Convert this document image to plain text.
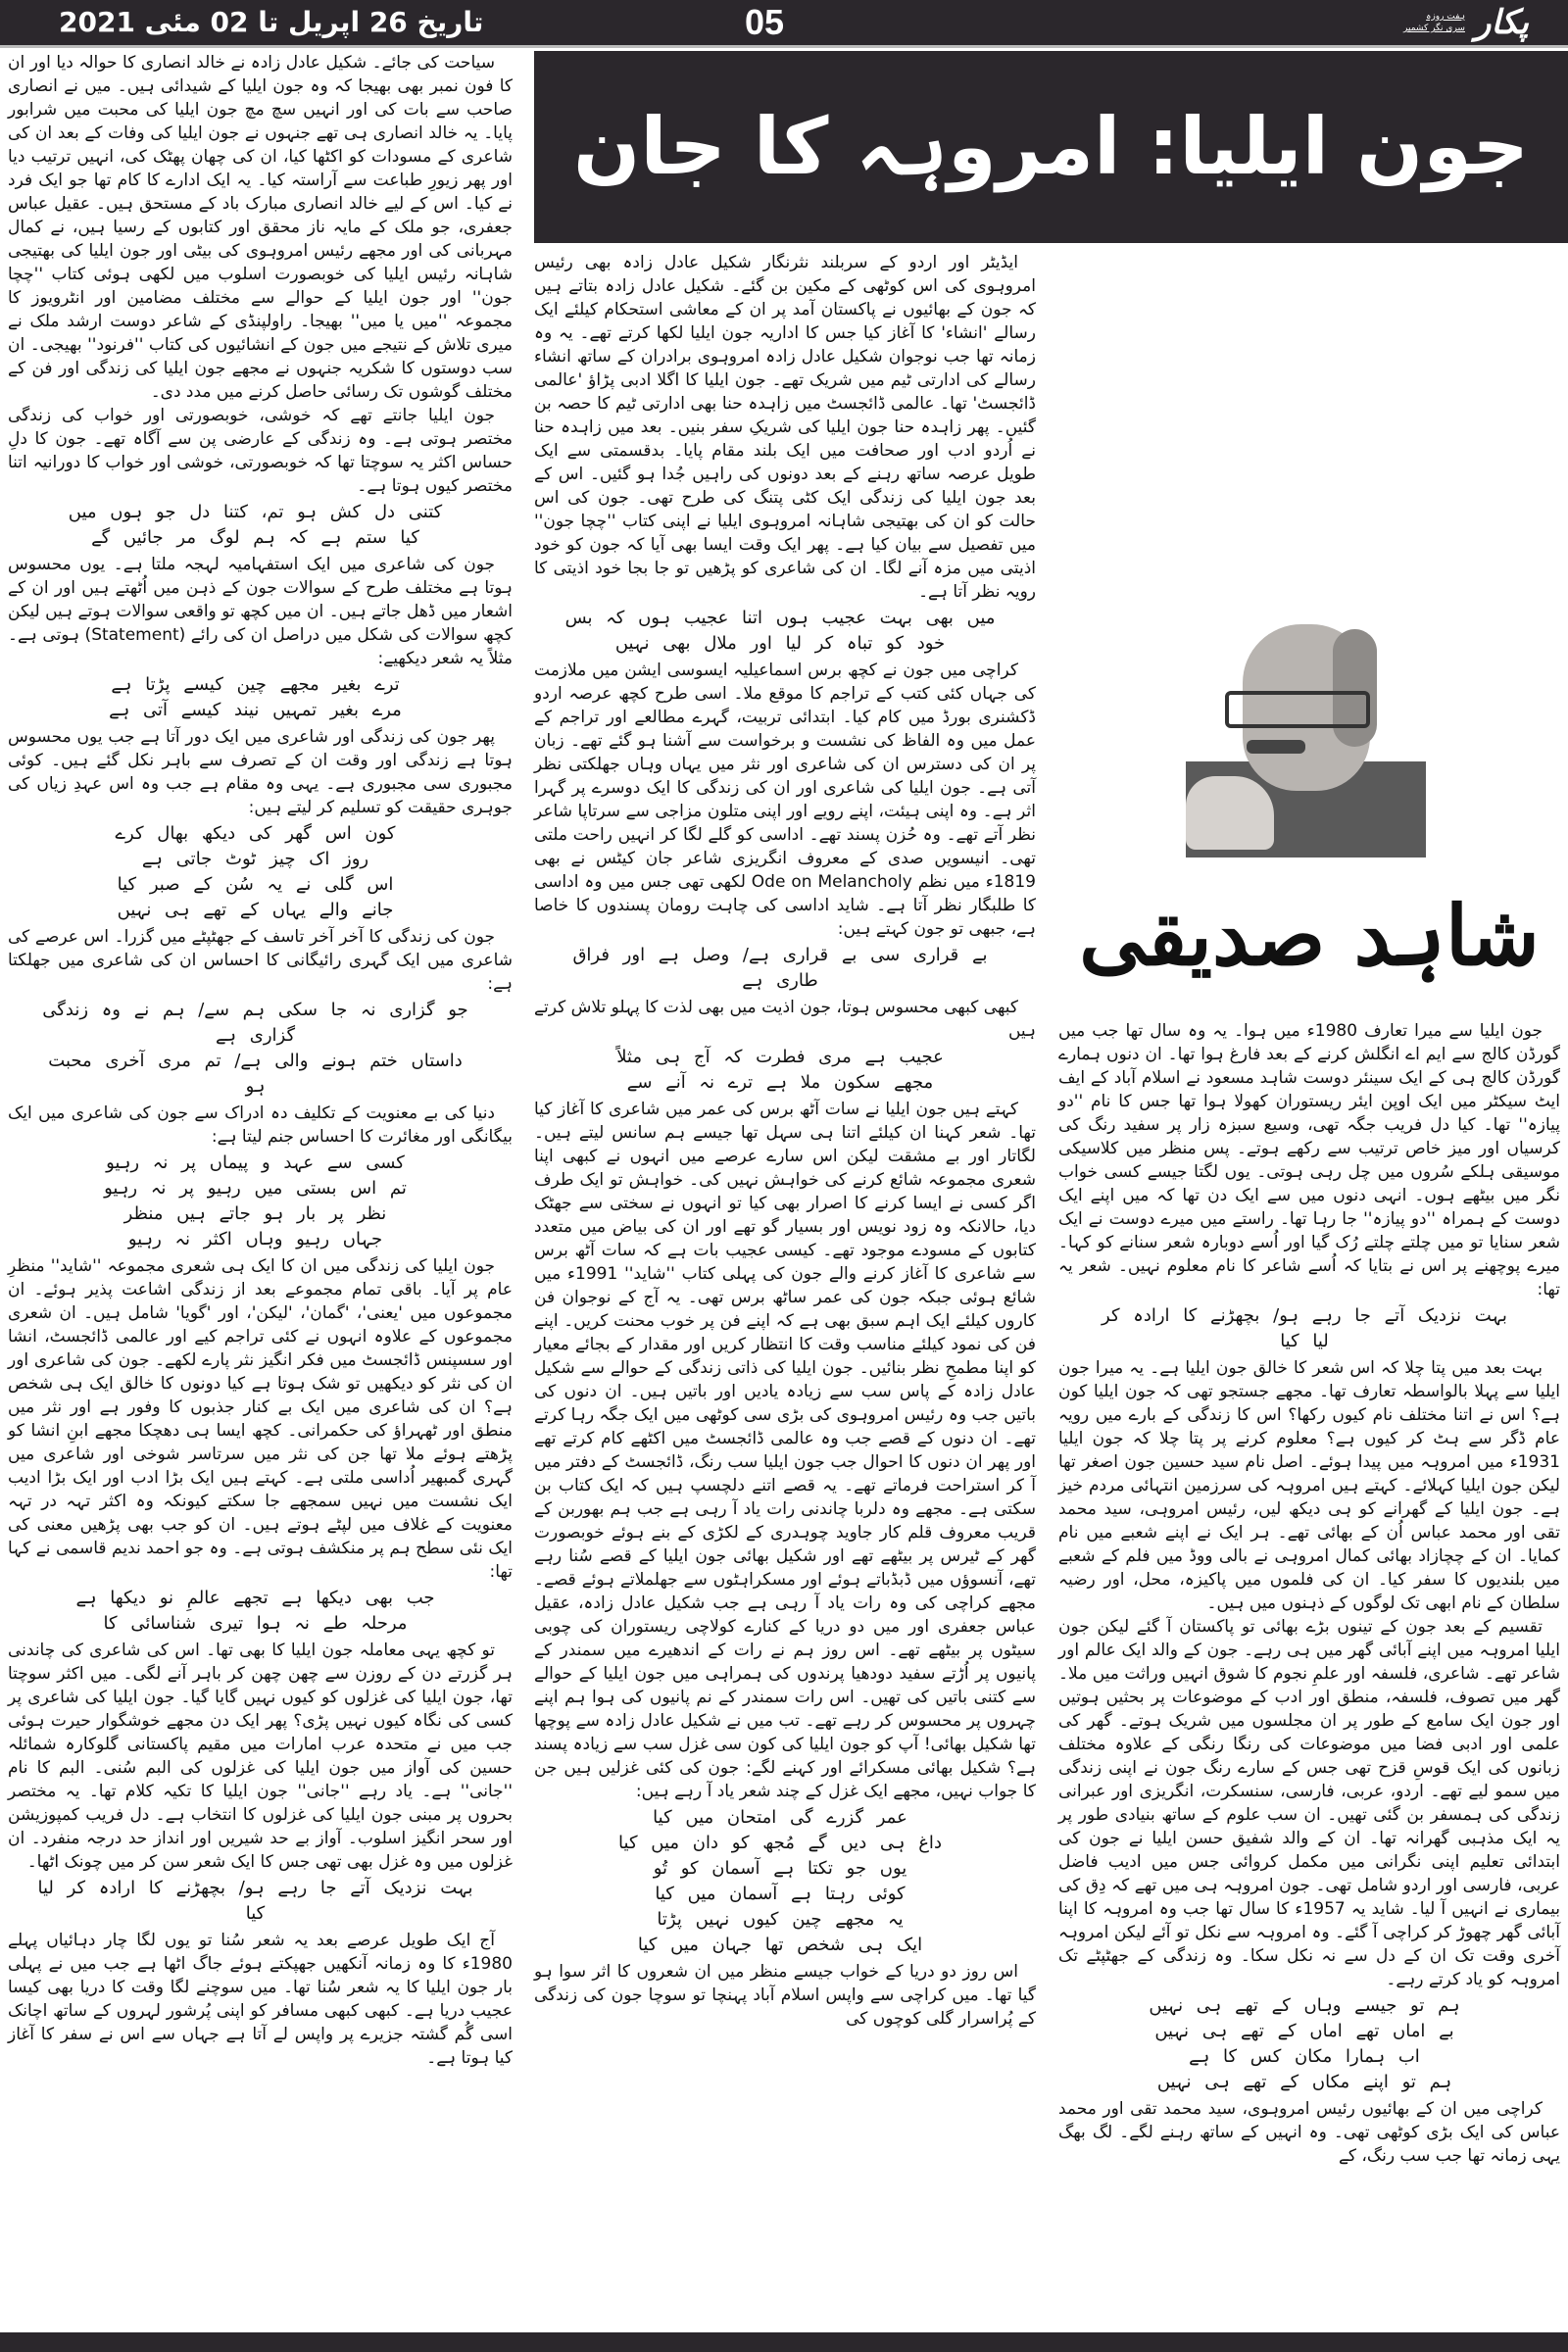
پکار
ہفت روزہ
سری نگر کشمیر
05
تاریخ 26 اپریل تا 02 مئی 2021
جون ایلیا: امروہہ کا جان

سیاحت کی جائے۔ شکیل عادل زادہ نے خالد انصاری کا حوالہ دیا اور ان کا فون نمبر بھی بھیجا کہ وہ جون ایلیا کے شیدائی ہیں۔ میں نے انصاری صاحب سے بات کی اور انہیں سچ مچ جون ایلیا کی محبت میں شرابور پایا۔ یہ خالد انصاری ہی تھے جنہوں نے جون ایلیا کی وفات کے بعد ان کی شاعری کے مسودات کو اکٹھا کیا، ان کی چھان پھٹک کی، انہیں ترتیب دیا اور پھر زیورِ طباعت سے آراستہ کیا۔ یہ ایک ادارے کا کام تھا جو ایک فرد نے کیا۔ اس کے لیے خالد انصاری مبارک باد کے مستحق ہیں۔ عقیل عباس جعفری، جو ملک کے مایہ ناز محقق اور کتابوں کے رسیا ہیں، نے کمال مہربانی کی اور مجھے رئیس امروہوی کی بیٹی اور جون ایلیا کی بھتیجی شاہانہ رئیس ایلیا کی خوبصورت اسلوب میں لکھی ہوئی کتاب ''چچا جون'' اور جون ایلیا کے حوالے سے مختلف مضامین اور انٹرویوز کا مجموعہ ''میں یا میں'' بھیجا۔ راولپنڈی کے شاعر دوست ارشد ملک نے میری تلاش کے نتیجے میں جون کے انشائیوں کی کتاب ''فرنود'' بھیجی۔ ان سب دوستوں کا شکریہ جنہوں نے مجھے جون ایلیا کی زندگی اور فن کے مختلف گوشوں تک رسائی حاصل کرنے میں مدد دی۔

جون ایلیا جانتے تھے کہ خوشی، خوبصورتی اور خواب کی زندگی مختصر ہوتی ہے۔ وہ زندگی کے عارضی پن سے آگاہ تھے۔ جون کا دلِ حساس اکثر یہ سوچتا تھا کہ خوبصورتی، خوشی اور خواب کا دورانیہ اتنا مختصر کیوں ہوتا ہے۔

کتنی دل کش ہو تم، کتنا دل جو ہوں میں
کیا ستم ہے کہ ہم لوگ مر جائیں گے

جون کی شاعری میں ایک استفہامیہ لہجہ ملتا ہے۔ یوں محسوس ہوتا ہے مختلف طرح کے سوالات جون کے ذہن میں اُٹھتے ہیں اور ان کے اشعار میں ڈھل جاتے ہیں۔ ان میں کچھ تو واقعی سوالات ہوتے ہیں لیکن کچھ سوالات کی شکل میں دراصل ان کی رائے (Statement) ہوتی ہے۔ مثلاً یہ شعر دیکھیے:

ترے بغیر مجھے چین کیسے پڑتا ہے
مرے بغیر تمہیں نیند کیسے آتی ہے

پھر جون کی زندگی اور شاعری میں ایک دور آتا ہے جب یوں محسوس ہوتا ہے زندگی اور وقت ان کے تصرف سے باہر نکل گئے ہیں۔ کوئی مجبوری سی مجبوری ہے۔ یہی وہ مقام ہے جب وہ اس عہدِ زیاں کی جوہری حقیقت کو تسلیم کر لیتے ہیں:

کون اس گھر کی دیکھ بھال کرے
روز اک چیز ٹوٹ جاتی ہے
اس گلی نے یہ سُن کے صبر کیا
جانے والے یہاں کے تھے ہی نہیں

جون کی زندگی کا آخر آخر تاسف کے جھٹپٹے میں گزرا۔ اس عرصے کی شاعری میں ایک گہری رائیگانی کا احساس ان کی شاعری میں جھلکتا ہے:

جو گزاری نہ جا سکی ہم سے/ ہم نے وہ زندگی گزاری ہے
داستاں ختم ہونے والی ہے/ تم مری آخری محبت ہو

دنیا کی بے معنویت کے تکلیف دہ ادراک سے جون کی شاعری میں ایک بیگانگی اور مغائرت کا احساس جنم لیتا ہے:

کسی سے عہد و پیماں پر نہ رہیو
تم اس بستی میں رہیو پر نہ رہیو
نظر پر بار ہو جاتے ہیں منظر
جہاں رہیو وہاں اکثر نہ رہیو

جون ایلیا کی زندگی میں ان کا ایک ہی شعری مجموعہ ''شاید'' منظرِ عام پر آیا۔ باقی تمام مجموعے بعد از زندگی اشاعت پذیر ہوئے۔ ان مجموعوں میں 'یعنی'، 'گمان'، 'لیکن'، اور 'گویا' شامل ہیں۔ ان شعری مجموعوں کے علاوہ انہوں نے کئی تراجم کیے اور عالمی ڈائجسٹ، انشا اور سسپنس ڈائجسٹ میں فکر انگیز نثر پارے لکھے۔ جون کی شاعری اور ان کی نثر کو دیکھیں تو شک ہوتا ہے کیا دونوں کا خالق ایک ہی شخص ہے؟ ان کی شاعری میں ایک بے کنار جذبوں کا وفور ہے اور نثر میں منطق اور ٹھہراؤ کی حکمرانی۔ کچھ ایسا ہی دھچکا مجھے ابنِ انشا کو پڑھتے ہوئے ملا تھا جن کی نثر میں سرتاسر شوخی اور شاعری میں گہری گمبھیر اُداسی ملتی ہے۔ کہتے ہیں ایک بڑا ادب اور ایک بڑا ادیب ایک نشست میں نہیں سمجھے جا سکتے کیونکہ وہ اکثر تہہ در تہہ معنویت کے غلاف میں لپٹے ہوتے ہیں۔ ان کو جب بھی پڑھیں معنی کی ایک نئی سطح ہم پر منکشف ہوتی ہے۔ وہ جو احمد ندیم قاسمی نے کہا تھا:

جب بھی دیکھا ہے تجھے عالمِ نو دیکھا ہے
مرحلہ طے نہ ہوا تیری شناسائی کا

تو کچھ یہی معاملہ جون ایلیا کا بھی تھا۔ اس کی شاعری کی چاندنی ہر گزرتے دن کے روزن سے چھن چھن کر باہر آنے لگی۔ میں اکثر سوچتا تھا، جون ایلیا کی غزلوں کو کیوں نہیں گایا گیا۔ جون ایلیا کی شاعری پر کسی کی نگاہ کیوں نہیں پڑی؟ پھر ایک دن مجھے خوشگوار حیرت ہوئی جب میں نے متحدہ عرب امارات میں مقیم پاکستانی گلوکارہ شمائلہ حسین کی آواز میں جون ایلیا کی غزلوں کی البم سُنی۔ البم کا نام ''جانی'' ہے۔ یاد رہے ''جانی'' جون ایلیا کا تکیہ کلام تھا۔ یہ مختصر بحروں پر مبنی جون ایلیا کی غزلوں کا انتخاب ہے۔ دل فریب کمپوزیشن اور سحر انگیز اسلوب۔ آواز بے حد شیریں اور انداز حد درجہ منفرد۔ ان غزلوں میں وہ غزل بھی تھی جس کا ایک شعر سن کر میں چونک اٹھا۔

بہت نزدیک آتے جا رہے ہو/ بچھڑنے کا ارادہ کر لیا کیا

آج ایک طویل عرصے بعد یہ شعر سُنا تو یوں لگا چار دہائیاں پہلے 1980ء کا وہ زمانہ آنکھیں جھپکتے ہوئے جاگ اٹھا ہے جب میں نے پہلی بار جون ایلیا کا یہ شعر سُنا تھا۔ میں سوچنے لگا وقت کا دریا بھی کیسا عجیب دریا ہے۔ کبھی کبھی مسافر کو اپنی پُرشور لہروں کے ساتھ اچانک اسی گُم گشتہ جزیرے پر واپس لے آتا ہے جہاں سے اس نے سفر کا آغاز کیا ہوتا ہے۔

ایڈیٹر اور اردو کے سربلند نثرنگار شکیل عادل زادہ بھی رئیس امروہوی کی اس کوٹھی کے مکین بن گئے۔ شکیل عادل زادہ بتاتے ہیں کہ جون کے بھائیوں نے پاکستان آمد پر ان کے معاشی استحکام کیلئے ایک رسالے 'انشاء' کا آغاز کیا جس کا اداریہ جون ایلیا لکھا کرتے تھے۔ یہ وہ زمانہ تھا جب نوجوان شکیل عادل زادہ امروہوی برادران کے ساتھ انشاء رسالے کی ادارتی ٹیم میں شریک تھے۔ جون ایلیا کا اگلا ادبی پڑاؤ 'عالمی ڈائجسٹ' تھا۔ عالمی ڈائجسٹ میں زاہدہ حنا بھی ادارتی ٹیم کا حصہ بن گئیں۔ پھر زاہدہ حنا جون ایلیا کی شریکِ سفر بنیں۔ بعد میں زاہدہ حنا نے اُردو ادب اور صحافت میں ایک بلند مقام پایا۔ بدقسمتی سے ایک طویل عرصہ ساتھ رہنے کے بعد دونوں کی راہیں جُدا ہو گئیں۔ اس کے بعد جون ایلیا کی زندگی ایک کٹی پتنگ کی طرح تھی۔ جون کی اس حالت کو ان کی بھتیجی شاہانہ امروہوی ایلیا نے اپنی کتاب ''چچا جون'' میں تفصیل سے بیان کیا ہے۔ پھر ایک وقت ایسا بھی آیا کہ جون کو خود اذیتی میں مزہ آنے لگا۔ ان کی شاعری کو پڑھیں تو جا بجا خود اذیتی کا رویہ نظر آتا ہے۔

میں بھی بہت عجیب ہوں اتنا عجیب ہوں کہ بس
خود کو تباہ کر لیا اور ملال بھی نہیں

کراچی میں جون نے کچھ برس اسماعیلیہ ایسوسی ایشن میں ملازمت کی جہاں کئی کتب کے تراجم کا موقع ملا۔ اسی طرح کچھ عرصہ اردو ڈکشنری بورڈ میں کام کیا۔ ابتدائی تربیت، گہرے مطالعے اور تراجم کے عمل میں وہ الفاظ کی نشست و برخواست سے آشنا ہو گئے تھے۔ زبان پر ان کی دسترس ان کی شاعری اور نثر میں یہاں وہاں جھلکتی نظر آتی ہے۔ جون ایلیا کی شاعری اور ان کی زندگی کا ایک دوسرے پر گہرا اثر ہے۔ وہ اپنی ہیئت، اپنے رویے اور اپنی متلون مزاجی سے سرتاپا شاعر نظر آتے تھے۔ وہ حُزن پسند تھے۔ اداسی کو گلے لگا کر انہیں راحت ملتی تھی۔ انیسویں صدی کے معروف انگریزی شاعر جان کیٹس نے بھی 1819ء میں نظم Ode on Melancholy لکھی تھی جس میں وہ اداسی کا طلبگار نظر آتا ہے۔ شاید اداسی کی چاہت رومان پسندوں کا خاصا ہے، جبھی تو جون کہتے ہیں:

بے قراری سی بے قراری ہے/ وصل ہے اور فراق طاری ہے

کبھی کبھی محسوس ہوتا، جون اذیت میں بھی لذت کا پہلو تلاش کرتے ہیں

عجیب ہے مری فطرت کہ آج ہی مثلاً
مجھے سکون ملا ہے ترے نہ آنے سے

کہتے ہیں جون ایلیا نے سات آٹھ برس کی عمر میں شاعری کا آغاز کیا تھا۔ شعر کہنا ان کیلئے اتنا ہی سہل تھا جیسے ہم سانس لیتے ہیں۔ لگاتار اور بے مشقت لیکن اس سارے عرصے میں انہوں نے کبھی اپنا شعری مجموعہ شائع کرنے کی خواہش نہیں کی۔ خواہش تو ایک طرف اگر کسی نے ایسا کرنے کا اصرار بھی کیا تو انہوں نے سختی سے جھٹک دیا، حالانکہ وہ زود نویس اور بسیار گو تھے اور ان کی بیاض میں متعدد کتابوں کے مسودے موجود تھے۔ کیسی عجیب بات ہے کہ سات آٹھ برس سے شاعری کا آغاز کرنے والے جون کی پہلی کتاب ''شاید'' 1991ء میں شائع ہوئی جبکہ جون کی عمر ساٹھ برس تھی۔ یہ آج کے نوجوان فن کاروں کیلئے ایک اہم سبق بھی ہے کہ اپنے فن پر خوب محنت کریں۔ اپنے فن کی نمود کیلئے مناسب وقت کا انتظار کریں اور مقدار کے بجائے معیار کو اپنا مطمحِ نظر بنائیں۔ جون ایلیا کی ذاتی زندگی کے حوالے سے شکیل عادل زادہ کے پاس سب سے زیادہ یادیں اور باتیں ہیں۔ ان دنوں کی باتیں جب وہ رئیس امروہوی کی بڑی سی کوٹھی میں ایک جگہ رہا کرتے تھے۔ ان دنوں کے قصے جب وہ عالمی ڈائجسٹ میں اکٹھے کام کرتے تھے اور پھر ان دنوں کا احوال جب جون ایلیا سب رنگ، ڈائجسٹ کے دفتر میں آ کر استراحت فرماتے تھے۔ یہ قصے اتنے دلچسپ ہیں کہ ایک کتاب بن سکتی ہے۔ مجھے وہ دلربا چاندنی رات یاد آ رہی ہے جب ہم بھوربن کے قریب معروف قلم کار جاوید چوہدری کے لکڑی کے بنے ہوئے خوبصورت گھر کے ٹیرس پر بیٹھے تھے اور شکیل بھائی جون ایلیا کے قصے سُنا رہے تھے، آنسوؤں میں ڈبڈباتے ہوئے اور مسکراہٹوں سے جھلملاتے ہوئے قصے۔ مجھے کراچی کی وہ رات یاد آ رہی ہے جب شکیل عادل زادہ، عقیل عباس جعفری اور میں دو دریا کے کنارے کولاچی ریستوران کی چوبی سیٹوں پر بیٹھے تھے۔ اس روز ہم نے رات کے اندھیرے میں سمندر کے پانیوں پر اُڑتے سفید دودھیا پرندوں کی ہمراہی میں جون ایلیا کے حوالے سے کتنی باتیں کی تھیں۔ اس رات سمندر کے نم پانیوں کی ہوا ہم اپنے چہروں پر محسوس کر رہے تھے۔ تب میں نے شکیل عادل زادہ سے پوچھا تھا شکیل بھائی! آپ کو جون ایلیا کی کون سی غزل سب سے زیادہ پسند ہے؟ شکیل بھائی مسکرائے اور کہنے لگے: جون کی کئی غزلیں ہیں جن کا جواب نہیں، مجھے ایک غزل کے چند شعر یاد آ رہے ہیں:

عمر گزرے گی امتحان میں کیا
داغ ہی دیں گے مُجھ کو دان میں کیا
یوں جو تکتا ہے آسمان کو تُو
کوئی رہتا ہے آسمان میں کیا
یہ مجھے چین کیوں نہیں پڑتا
ایک ہی شخص تھا جہان میں کیا

اس روز دو دریا کے خواب جیسے منظر میں ان شعروں کا اثر سوا ہو گیا تھا۔ میں کراچی سے واپس اسلام آباد پہنچا تو سوچا جون کی زندگی کے پُراسرار گلی کوچوں کی

شاہد صدیقی

جون ایلیا سے میرا تعارف 1980ء میں ہوا۔ یہ وہ سال تھا جب میں گورڈن کالج سے ایم اے انگلش کرنے کے بعد فارغ ہوا تھا۔ ان دنوں ہمارے گورڈن کالج ہی کے ایک سینئر دوست شاہد مسعود نے اسلام آباد کے ایف ایٹ سیکٹر میں ایک اوپن ایئر ریستوران کھولا ہوا تھا جس کا نام ''دو پیازہ'' تھا۔ کیا دل فریب جگہ تھی، وسیع سبزہ زار پر سفید رنگ کی کرسیاں اور میز خاص ترتیب سے رکھے ہوتے۔ پس منظر میں کلاسیکی موسیقی ہلکے سُروں میں چل رہی ہوتی۔ یوں لگتا جیسے کسی خواب نگر میں بیٹھے ہوں۔ انہی دنوں میں سے ایک دن تھا کہ میں اپنے ایک دوست کے ہمراہ ''دو پیازہ'' جا رہا تھا۔ راستے میں میرے دوست نے ایک شعر سنایا تو میں چلتے چلتے رُک گیا اور اُسے دوبارہ شعر سنانے کو کہا۔ میرے پوچھنے پر اس نے بتایا کہ اُسے شاعر کا نام معلوم نہیں۔ شعر یہ تھا:

بہت نزدیک آتے جا رہے ہو/ بچھڑنے کا ارادہ کر لیا کیا

بہت بعد میں پتا چلا کہ اس شعر کا خالق جون ایلیا ہے۔ یہ میرا جون ایلیا سے پہلا بالواسطہ تعارف تھا۔ مجھے جستجو تھی کہ جون ایلیا کون ہے؟ اس نے اتنا مختلف نام کیوں رکھا؟ اس کا زندگی کے بارے میں رویہ عام ڈگر سے ہٹ کر کیوں ہے؟ معلوم کرنے پر پتا چلا کہ جون ایلیا 1931ء میں امروہہ میں پیدا ہوئے۔ اصل نام سید حسین جون اصغر تھا لیکن جون ایلیا کہلائے۔ کہتے ہیں امروہہ کی سرزمین انتہائی مردم خیز ہے۔ جون ایلیا کے گھرانے کو ہی دیکھ لیں، رئیس امروہی، سید محمد تقی اور محمد عباس اُن کے بھائی تھے۔ ہر ایک نے اپنے شعبے میں نام کمایا۔ ان کے چچازاد بھائی کمال امروہی نے بالی ووڈ میں فلم کے شعبے میں بلندیوں کا سفر کیا۔ ان کی فلموں میں پاکیزہ، محل، اور رضیہ سلطان کے نام ابھی تک لوگوں کے ذہنوں میں ہیں۔

تقسیم کے بعد جون کے تینوں بڑے بھائی تو پاکستان آ گئے لیکن جون ایلیا امروہہ میں اپنے آبائی گھر میں ہی رہے۔ جون کے والد ایک عالم اور شاعر تھے۔ شاعری، فلسفہ اور علمِ نجوم کا شوق انہیں وراثت میں ملا۔ گھر میں تصوف، فلسفہ، منطق اور ادب کے موضوعات پر بحثیں ہوتیں اور جون ایک سامع کے طور پر ان مجلسوں میں شریک ہوتے۔ گھر کی علمی اور ادبی فضا میں موضوعات کی رنگا رنگی کے علاوہ مختلف زبانوں کی ایک قوسِ قزح تھی جس کے سارے رنگ جون نے اپنی زندگی میں سمو لیے تھے۔ اردو، عربی، فارسی، سنسکرت، انگریزی اور عبرانی زندگی کی ہمسفر بن گئی تھیں۔ ان سب علوم کے ساتھ بنیادی طور پر یہ ایک مذہبی گھرانہ تھا۔ ان کے والد شفیق حسن ایلیا نے جون کی ابتدائی تعلیم اپنی نگرانی میں مکمل کروائی جس میں ادیب فاضل عربی، فارسی اور اردو شامل تھی۔ جون امروہہ ہی میں تھے کہ دِق کی بیماری نے انہیں آ لیا۔ شاید یہ 1957ء کا سال تھا جب وہ امروہہ کا اپنا آبائی گھر چھوڑ کر کراچی آ گئے۔ وہ امروہہ سے نکل تو آئے لیکن امروہہ آخری وقت تک ان کے دل سے نہ نکل سکا۔ وہ زندگی کے جھٹپٹے تک امروہہ کو یاد کرتے رہے۔

ہم تو جیسے وہاں کے تھے ہی نہیں
بے اماں تھے اماں کے تھے ہی نہیں
اب ہمارا مکان کس کا ہے
ہم تو اپنے مکاں کے تھے ہی نہیں

کراچی میں ان کے بھائیوں رئیس امروہوی، سید محمد تقی اور محمد عباس کی ایک بڑی کوٹھی تھی۔ وہ انہیں کے ساتھ رہنے لگے۔ لگ بھگ یہی زمانہ تھا جب سب رنگ، کے
